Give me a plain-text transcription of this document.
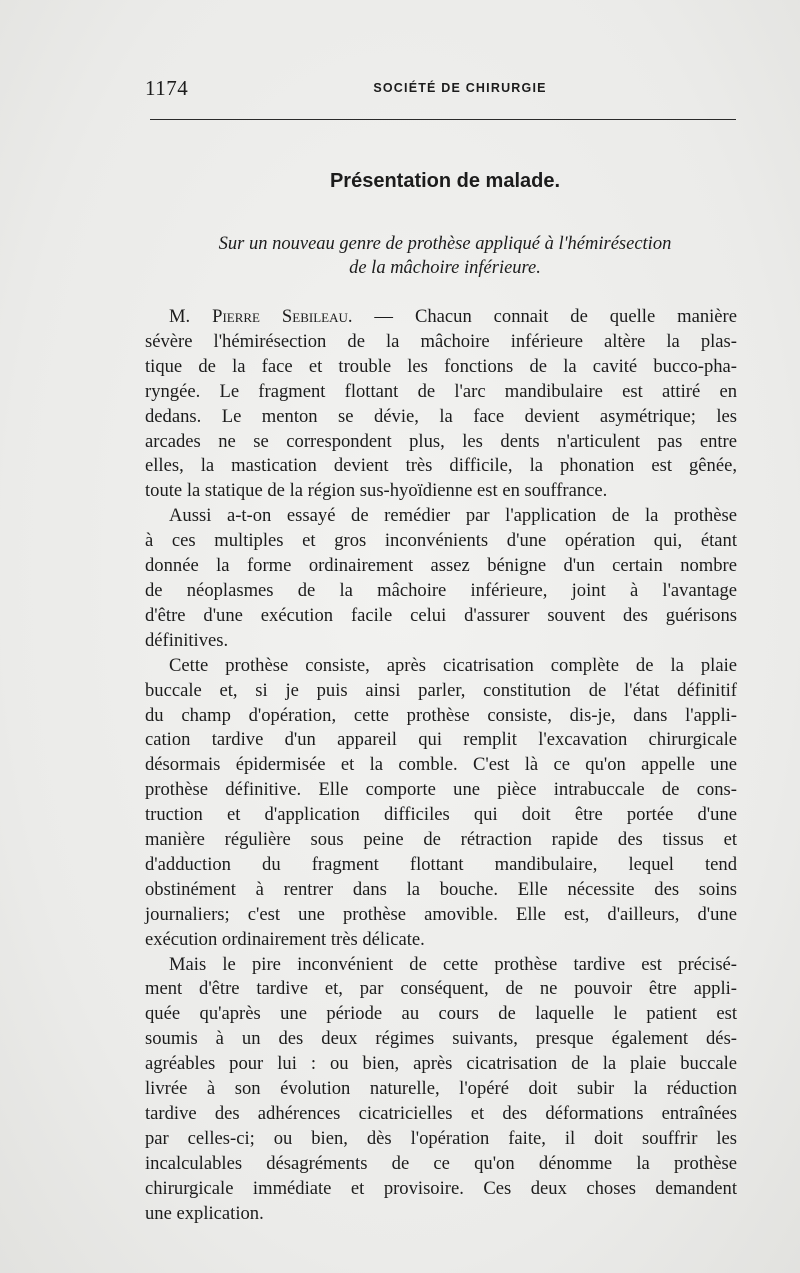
1174	SOCIÉTÉ DE CHIRURGIE
Présentation de malade.
Sur un nouveau genre de prothèse appliqué à l'hémirésection
de la mâchoire inférieure.
M. Pierre Sebileau. — Chacun connait de quelle manière
sévère l'hémirésection de la mâchoire inférieure altère la plas-
tique de la face et trouble les fonctions de la cavité bucco-pha-
ryngée. Le fragment flottant de l'arc mandibulaire est attiré en
dedans. Le menton se dévie, la face devient asymétrique; les
arcades ne se correspondent plus, les dents n'articulent pas entre
elles, la mastication devient très difficile, la phonation est gênée,
toute la statique de la région sus-hyoïdienne est en souffrance.
Aussi a-t-on essayé de remédier par l'application de la prothèse
à ces multiples et gros inconvénients d'une opération qui, étant
donnée la forme ordinairement assez bénigne d'un certain nombre
de néoplasmes de la mâchoire inférieure, joint à l'avantage
d'être d'une exécution facile celui d'assurer souvent des guérisons
définitives.
Cette prothèse consiste, après cicatrisation complète de la plaie
buccale et, si je puis ainsi parler, constitution de l'état définitif
du champ d'opération, cette prothèse consiste, dis-je, dans l'appli-
cation tardive d'un appareil qui remplit l'excavation chirurgicale
désormais épidermisée et la comble. C'est là ce qu'on appelle une
prothèse définitive. Elle comporte une pièce intrabuccale de cons-
truction et d'application difficiles qui doit être portée d'une
manière régulière sous peine de rétraction rapide des tissus et
d'adduction du fragment flottant mandibulaire, lequel tend
obstinément à rentrer dans la bouche. Elle nécessite des soins
journaliers; c'est une prothèse amovible. Elle est, d'ailleurs, d'une
exécution ordinairement très délicate.
Mais le pire inconvénient de cette prothèse tardive est précisé-
ment d'être tardive et, par conséquent, de ne pouvoir être appli-
quée qu'après une période au cours de laquelle le patient est
soumis à un des deux régimes suivants, presque également dés-
agréables pour lui : ou bien, après cicatrisation de la plaie buccale
livrée à son évolution naturelle, l'opéré doit subir la réduction
tardive des adhérences cicatricielles et des déformations entraînées
par celles-ci; ou bien, dès l'opération faite, il doit souffrir les
incalculables désagréments de ce qu'on dénomme la prothèse
chirurgicale immédiate et provisoire. Ces deux choses demandent
une explication.
